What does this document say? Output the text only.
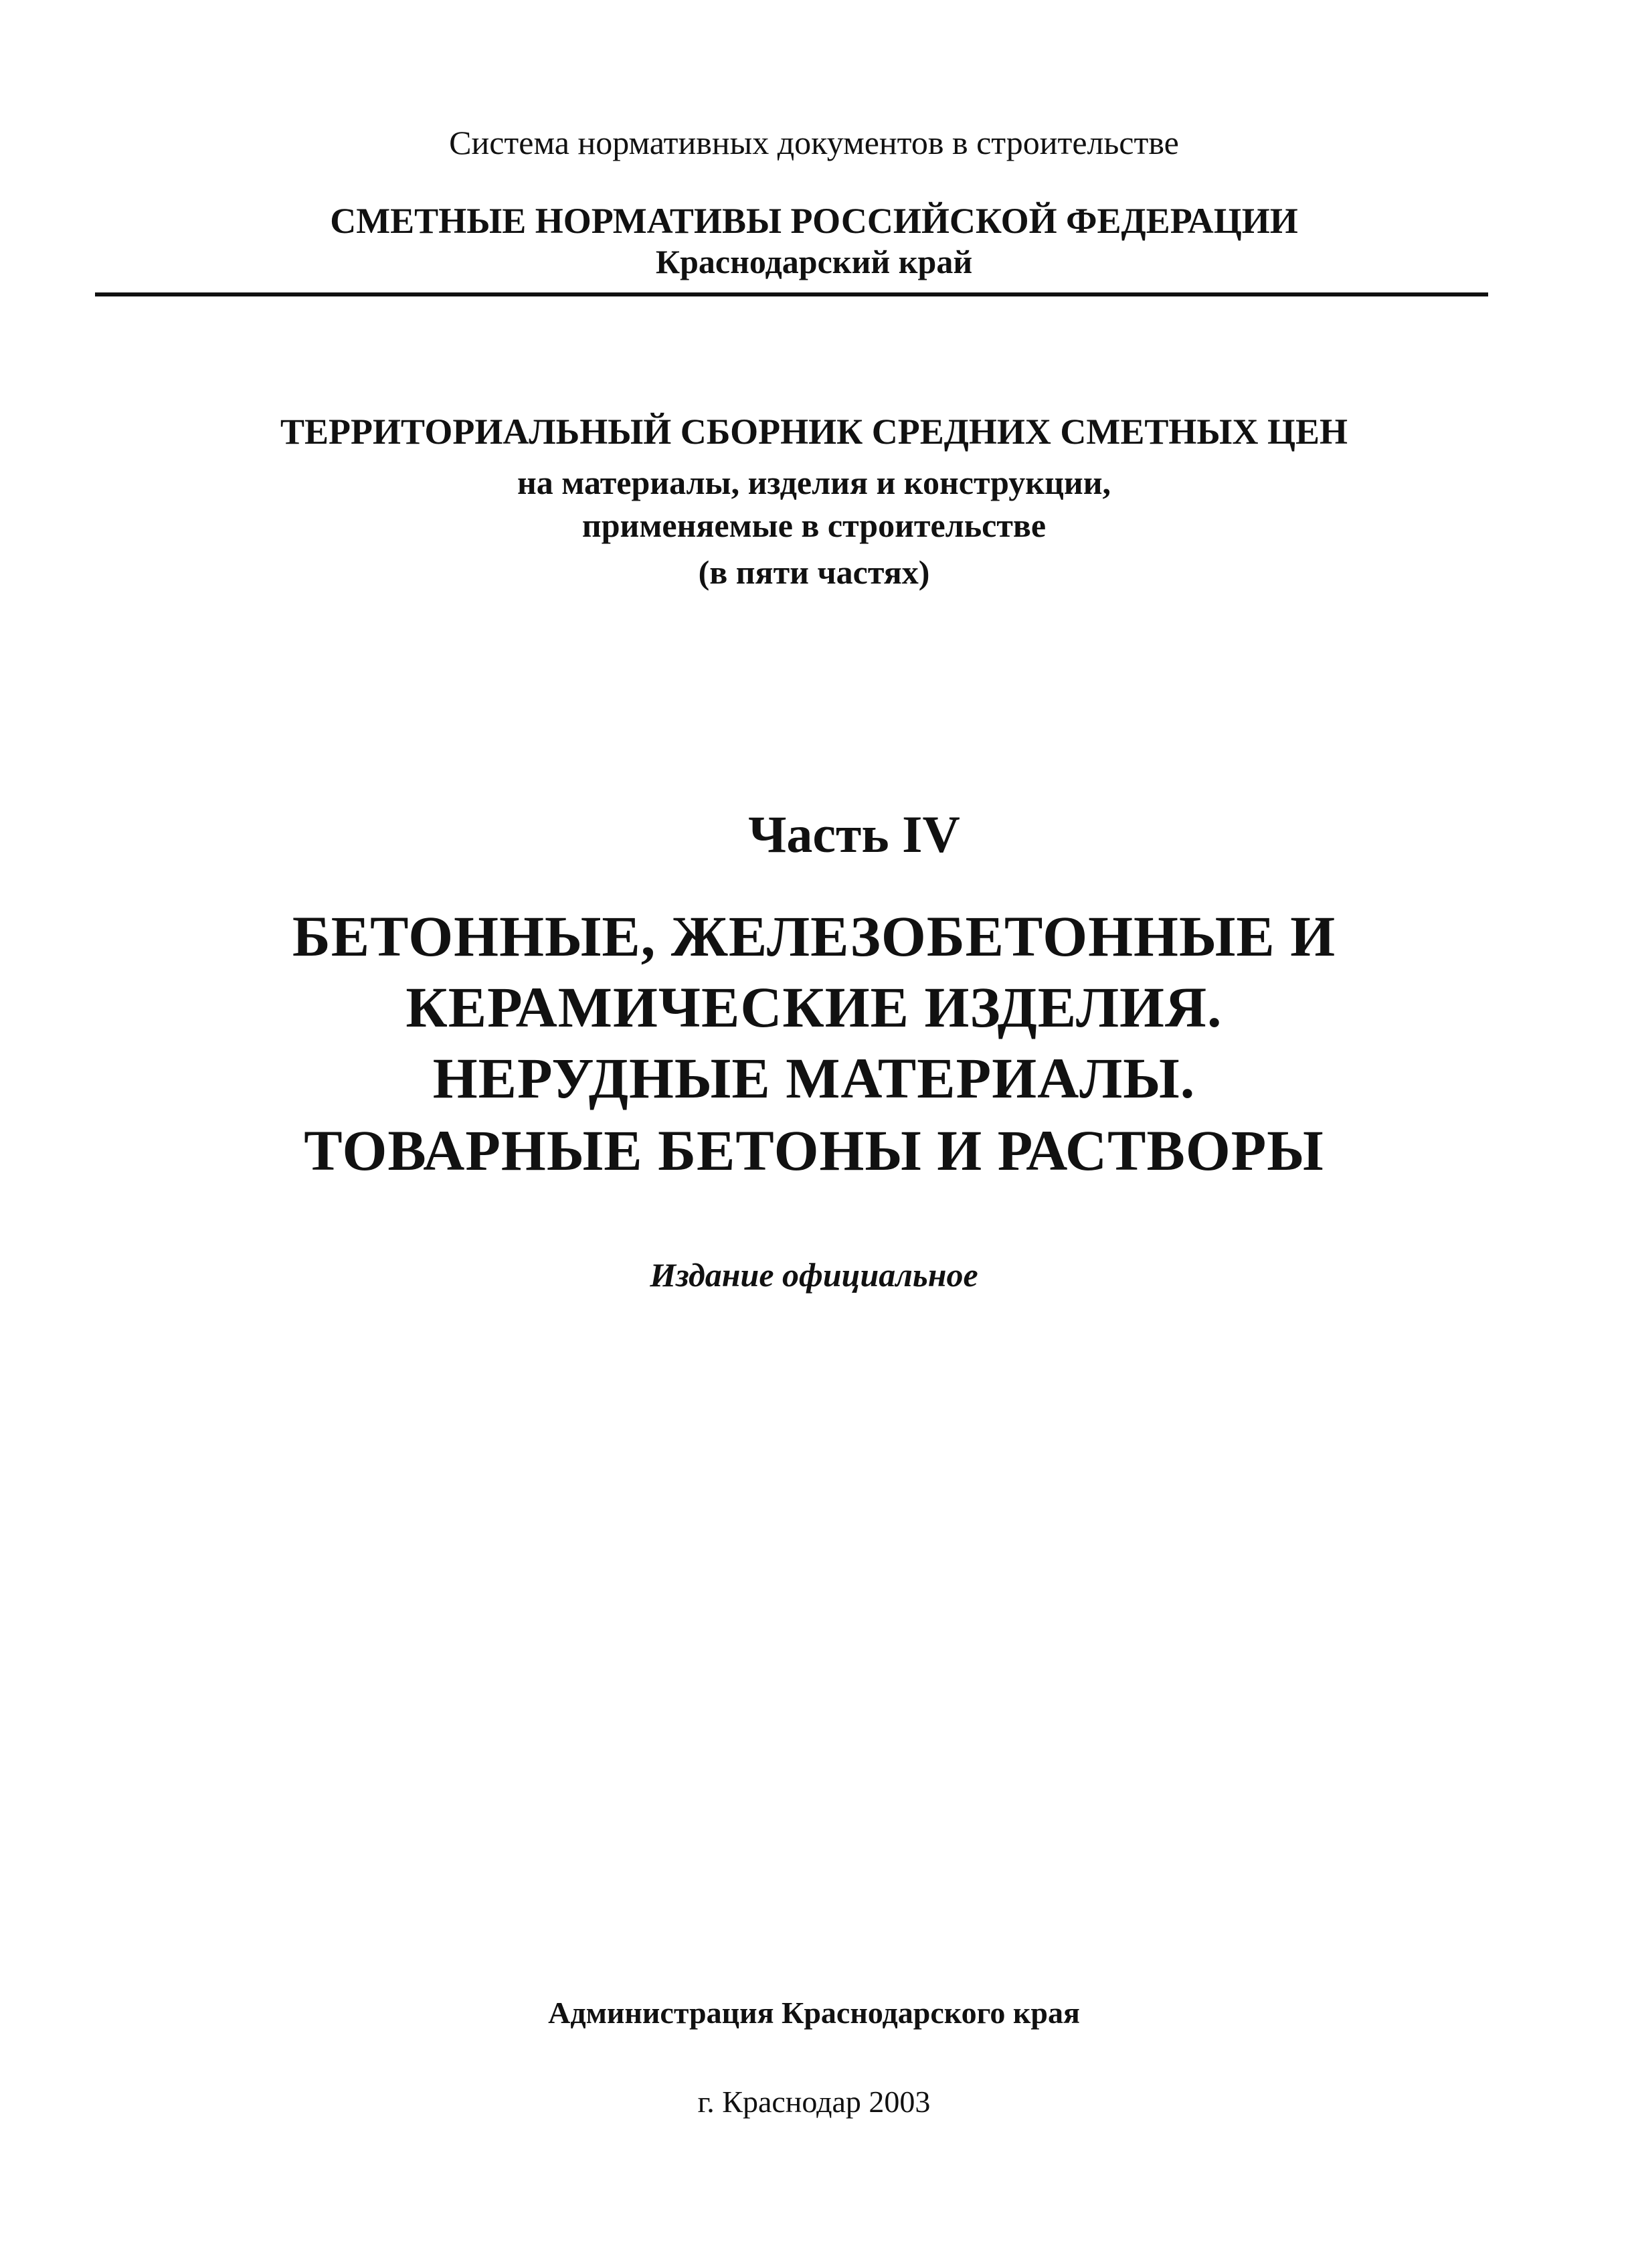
Система нормативных документов в строительстве
СМЕТНЫЕ НОРМАТИВЫ РОССИЙСКОЙ ФЕДЕРАЦИИ
Краснодарский край
ТЕРРИТОРИАЛЬНЫЙ СБОРНИК СРЕДНИХ СМЕТНЫХ ЦЕН
на материалы, изделия и конструкции,
применяемые в строительстве
(в пяти частях)
Часть IV
БЕТОННЫЕ, ЖЕЛЕЗОБЕТОННЫЕ И
КЕРАМИЧЕСКИЕ ИЗДЕЛИЯ.
НЕРУДНЫЕ МАТЕРИАЛЫ.
ТОВАРНЫЕ БЕТОНЫ И РАСТВОРЫ
Издание официальное
Администрация Краснодарского края
г. Краснодар 2003
